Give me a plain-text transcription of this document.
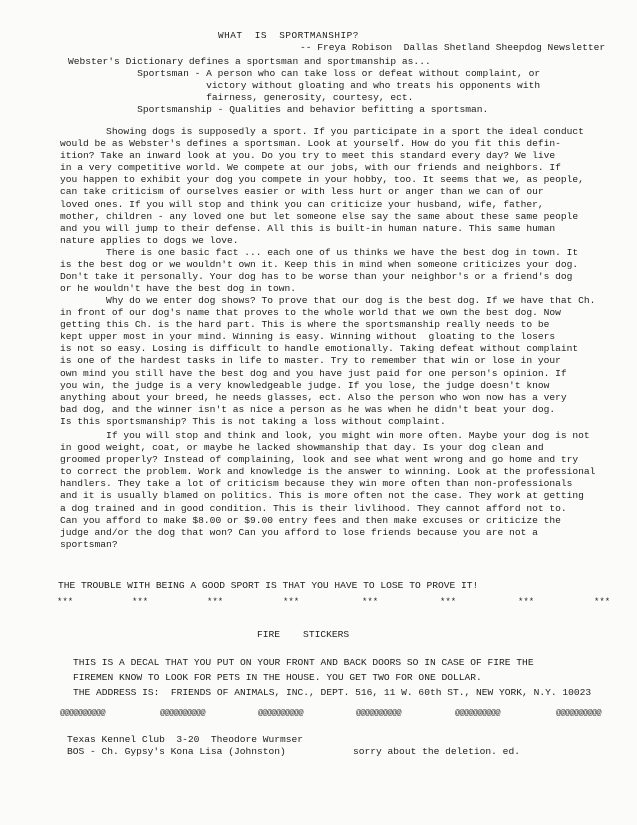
WHAT  IS  SPORTMANSHIP?
-- Freya Robison  Dallas Shetland Sheepdog Newsletter
Webster's Dictionary defines a sportsman and sportmanship as...
Sportsman - A person who can take loss or defeat without complaint, or
victory without gloating and who treats his opponents with
fairness, generosity, courtesy, ect.
Sportsmanship - Qualities and behavior befitting a sportsman.
Showing dogs is supposedly a sport. If you participate in a sport the ideal conduct
would be as Webster's defines a sportsman. Look at yourself. How do you fit this defin-
ition? Take an inward look at you. Do you try to meet this standard every day? We live
in a very competitive world. We compete at our jobs, with our friends and neighbors. If
you happen to exhibit your dog you compete in your hobby, too. It seems that we, as people,
can take criticism of ourselves easier or with less hurt or anger than we can of our
loved ones. If you will stop and think you can criticize your husband, wife, father,
mother, children - any loved one but let someone else say the same about these same people
and you will jump to their defense. All this is built-in human nature. This same human
nature applies to dogs we love.
There is one basic fact ... each one of us thinks we have the best dog in town. It
is the best dog or we wouldn't own it. Keep this in mind when someone criticizes your dog.
Don't take it personally. Your dog has to be worse than your neighbor's or a friend's dog
or he wouldn't have the best dog in town.
Why do we enter dog shows? To prove that our dog is the best dog. If we have that Ch.
in front of our dog's name that proves to the whole world that we own the best dog. Now
getting this Ch. is the hard part. This is where the sportsmanship really needs to be
kept upper most in your mind. Winning is easy. Winning without  gloating to the losers
is not so easy. Losing is difficult to handle emotionally. Taking defeat without complaint
is one of the hardest tasks in life to master. Try to remember that win or lose in your
own mind you still have the best dog and you have just paid for one person's opinion. If
you win, the judge is a very knowledgeable judge. If you lose, the judge doesn't know
anything about your breed, he needs glasses, ect. Also the person who won now has a very
bad dog, and the winner isn't as nice a person as he was when he didn't beat your dog.
Is this sportsmanship? This is not taking a loss without complaint.
If you will stop and think and look, you might win more often. Maybe your dog is not
in good weight, coat, or maybe he lacked showmanship that day. Is your dog clean and
groomed properly? Instead of complaining, look and see what went wrong and go home and try
to correct the problem. Work and knowledge is the answer to winning. Look at the professional
handlers. They take a lot of criticism because they win more often than non-professionals
and it is usually blamed on politics. This is more often not the case. They work at getting
a dog trained and in good condition. This is their livlihood. They cannot afford not to.
Can you afford to make $8.00 or $9.00 entry fees and then make excuses or criticize the
judge and/or the dog that won? Can you afford to lose friends because you are not a
sportsman?
THE TROUBLE WITH BEING A GOOD SPORT IS THAT YOU HAVE TO LOSE TO PROVE IT!
***	***	***	***	***	***	***	***
FIRE    STICKERS
THIS IS A DECAL THAT YOU PUT ON YOUR FRONT AND BACK DOORS SO IN CASE OF FIRE THE
FIREMEN KNOW TO LOOK FOR PETS IN THE HOUSE. YOU GET TWO FOR ONE DOLLAR.
THE ADDRESS IS:  FRIENDS OF ANIMALS, INC., DEPT. 516, 11 W. 60th ST., NEW YORK, N.Y. 10023
@@@@@@@@@@	@@@@@@@@@@	@@@@@@@@@@	@@@@@@@@@@	@@@@@@@@@@	@@@@@@@@@@
Texas Kennel Club  3-20  Theodore Wurmser
BOS - Ch. Gypsy's Kona Lisa (Johnston)	sorry about the deletion. ed.
